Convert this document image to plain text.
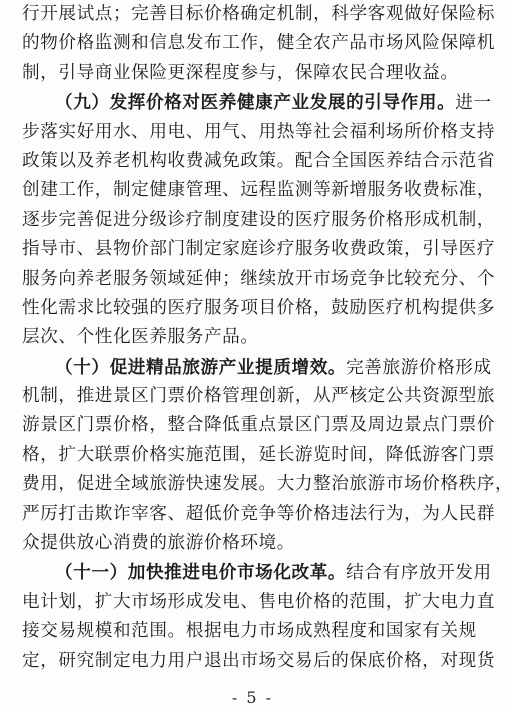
行开展试点；完善目标价格确定机制，科学客观做好保险标
的物价格监测和信息发布工作，健全农产品市场风险保障机
制，引导商业保险更深程度参与，保障农民合理收益。
（九）发挥价格对医养健康产业发展的引导作用。进一
步落实好用水、用电、用气、用热等社会福利场所价格支持
政策以及养老机构收费减免政策。配合全国医养结合示范省
创建工作，制定健康管理、远程监测等新增服务收费标准，
逐步完善促进分级诊疗制度建设的医疗服务价格形成机制，
指导市、县物价部门制定家庭诊疗服务收费政策，引导医疗
服务向养老服务领域延伸；继续放开市场竞争比较充分、个
性化需求比较强的医疗服务项目价格，鼓励医疗机构提供多
层次、个性化医养服务产品。
（十）促进精品旅游产业提质增效。完善旅游价格形成
机制，推进景区门票价格管理创新，从严核定公共资源型旅
游景区门票价格，整合降低重点景区门票及周边景点门票价
格，扩大联票价格实施范围，延长游览时间，降低游客门票
费用，促进全域旅游快速发展。大力整治旅游市场价格秩序，
严厉打击欺诈宰客、超低价竞争等价格违法行为，为人民群
众提供放心消费的旅游价格环境。
（十一）加快推进电价市场化改革。结合有序放开发用
电计划，扩大市场形成发电、售电价格的范围，扩大电力直
接交易规模和范围。根据电力市场成熟程度和国家有关规
定，研究制定电力用户退出市场交易后的保底价格，对现货
- 5 -
